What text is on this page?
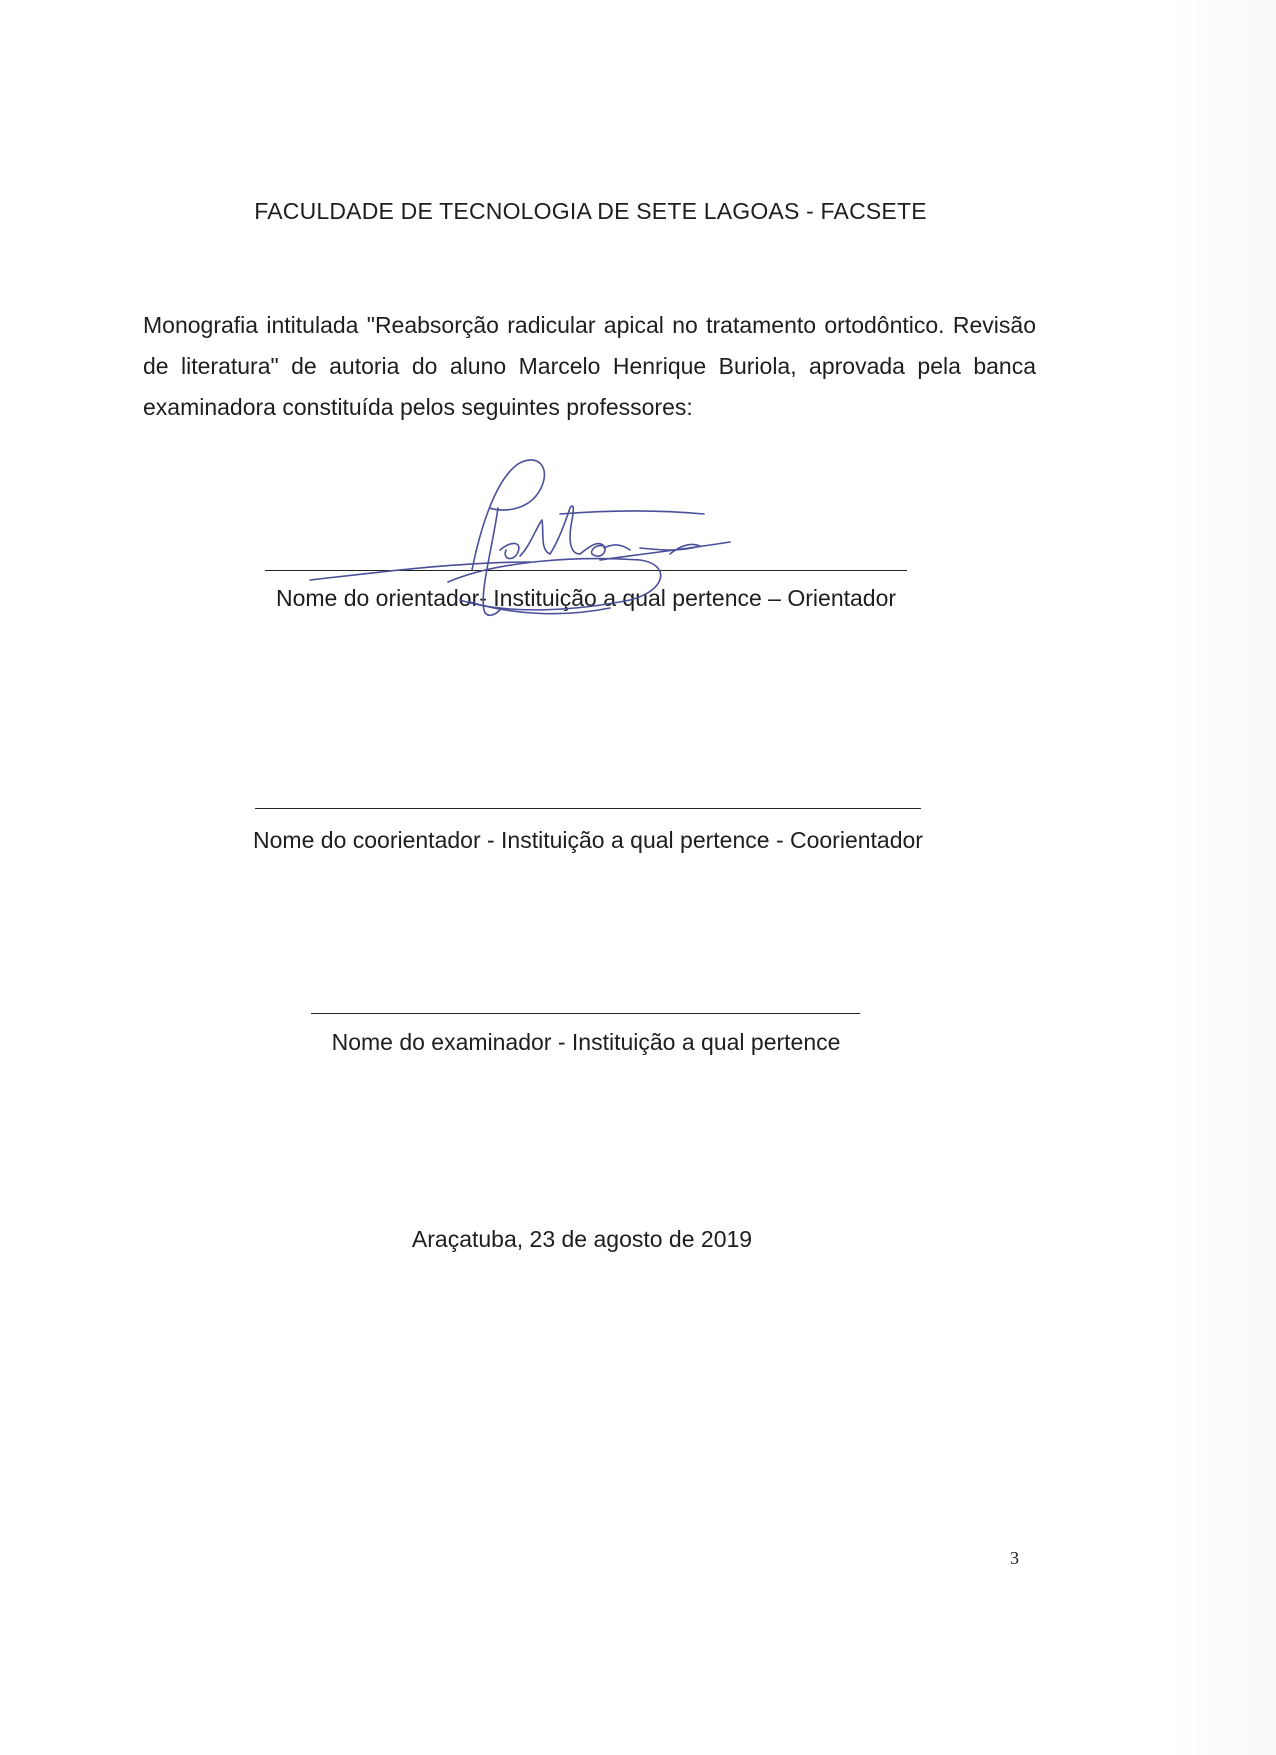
FACULDADE DE TECNOLOGIA DE SETE LAGOAS - FACSETE
Monografia intitulada "Reabsorção radicular apical no tratamento ortodôntico. Revisão de literatura" de autoria do aluno Marcelo Henrique Buriola, aprovada pela banca examinadora constituída pelos seguintes professores:
Nome do orientador- Instituição a qual pertence – Orientador
Nome do coorientador - Instituição a qual pertence - Coorientador
Nome do examinador - Instituição a qual pertence
Araçatuba, 23 de agosto de 2019
3
